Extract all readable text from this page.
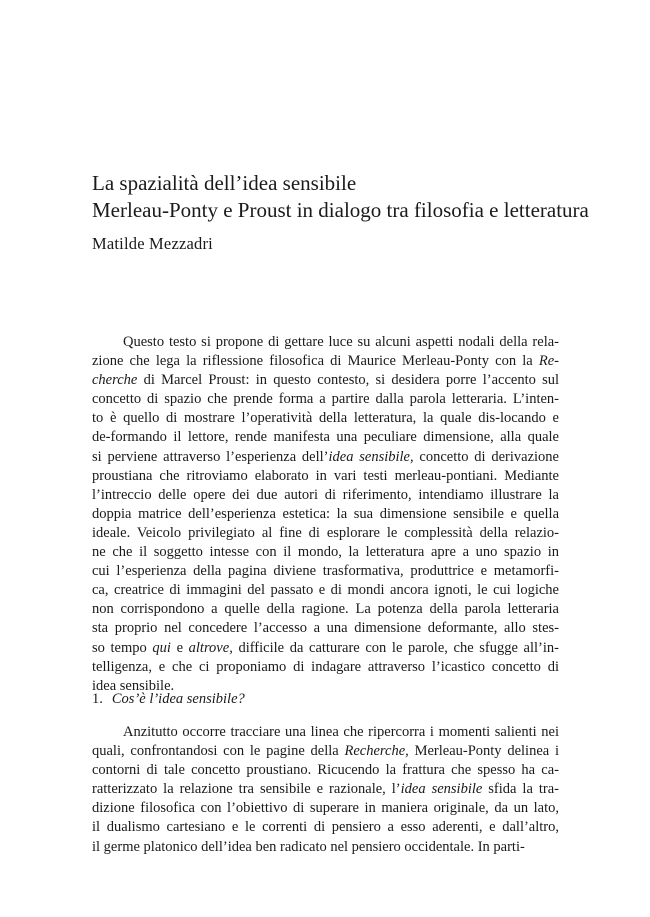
La spazialità dell’idea sensibile
Merleau-Ponty e Proust in dialogo tra filosofia e letteratura

Matilde Mezzadri

Questo testo si propone di gettare luce su alcuni aspetti nodali della rela-
zione che lega la riflessione filosofica di Maurice Merleau-Ponty con la Re-
cherche di Marcel Proust: in questo contesto, si desidera porre l’accento sul
concetto di spazio che prende forma a partire dalla parola letteraria. L’inten-
to è quello di mostrare l’operatività della letteratura, la quale dis-locando e
de-formando il lettore, rende manifesta una peculiare dimensione, alla quale
si perviene attraverso l’esperienza dell’idea sensibile, concetto di derivazione
proustiana che ritroviamo elaborato in vari testi merleau-pontiani. Mediante
l’intreccio delle opere dei due autori di riferimento, intendiamo illustrare la
doppia matrice dell’esperienza estetica: la sua dimensione sensibile e quella
ideale. Veicolo privilegiato al fine di esplorare le complessità della relazio-
ne che il soggetto intesse con il mondo, la letteratura apre a uno spazio in
cui l’esperienza della pagina diviene trasformativa, produttrice e metamorfi-
ca, creatrice di immagini del passato e di mondi ancora ignoti, le cui logiche
non corrispondono a quelle della ragione. La potenza della parola letteraria
sta proprio nel concedere l’accesso a una dimensione deformante, allo stes-
so tempo qui e altrove, difficile da catturare con le parole, che sfugge all’in-
telligenza, e che ci proponiamo di indagare attraverso l’icastico concetto di
idea sensibile.
1. Cos’è l’idea sensibile?
Anzitutto occorre tracciare una linea che ripercorra i momenti salienti nei
quali, confrontandosi con le pagine della Recherche, Merleau-Ponty delinea i
contorni di tale concetto proustiano. Ricucendo la frattura che spesso ha ca-
ratterizzato la relazione tra sensibile e razionale, l’idea sensibile sfida la tra-
dizione filosofica con l’obiettivo di superare in maniera originale, da un lato,
il dualismo cartesiano e le correnti di pensiero a esso aderenti, e dall’altro,
il germe platonico dell’idea ben radicato nel pensiero occidentale. In parti-
